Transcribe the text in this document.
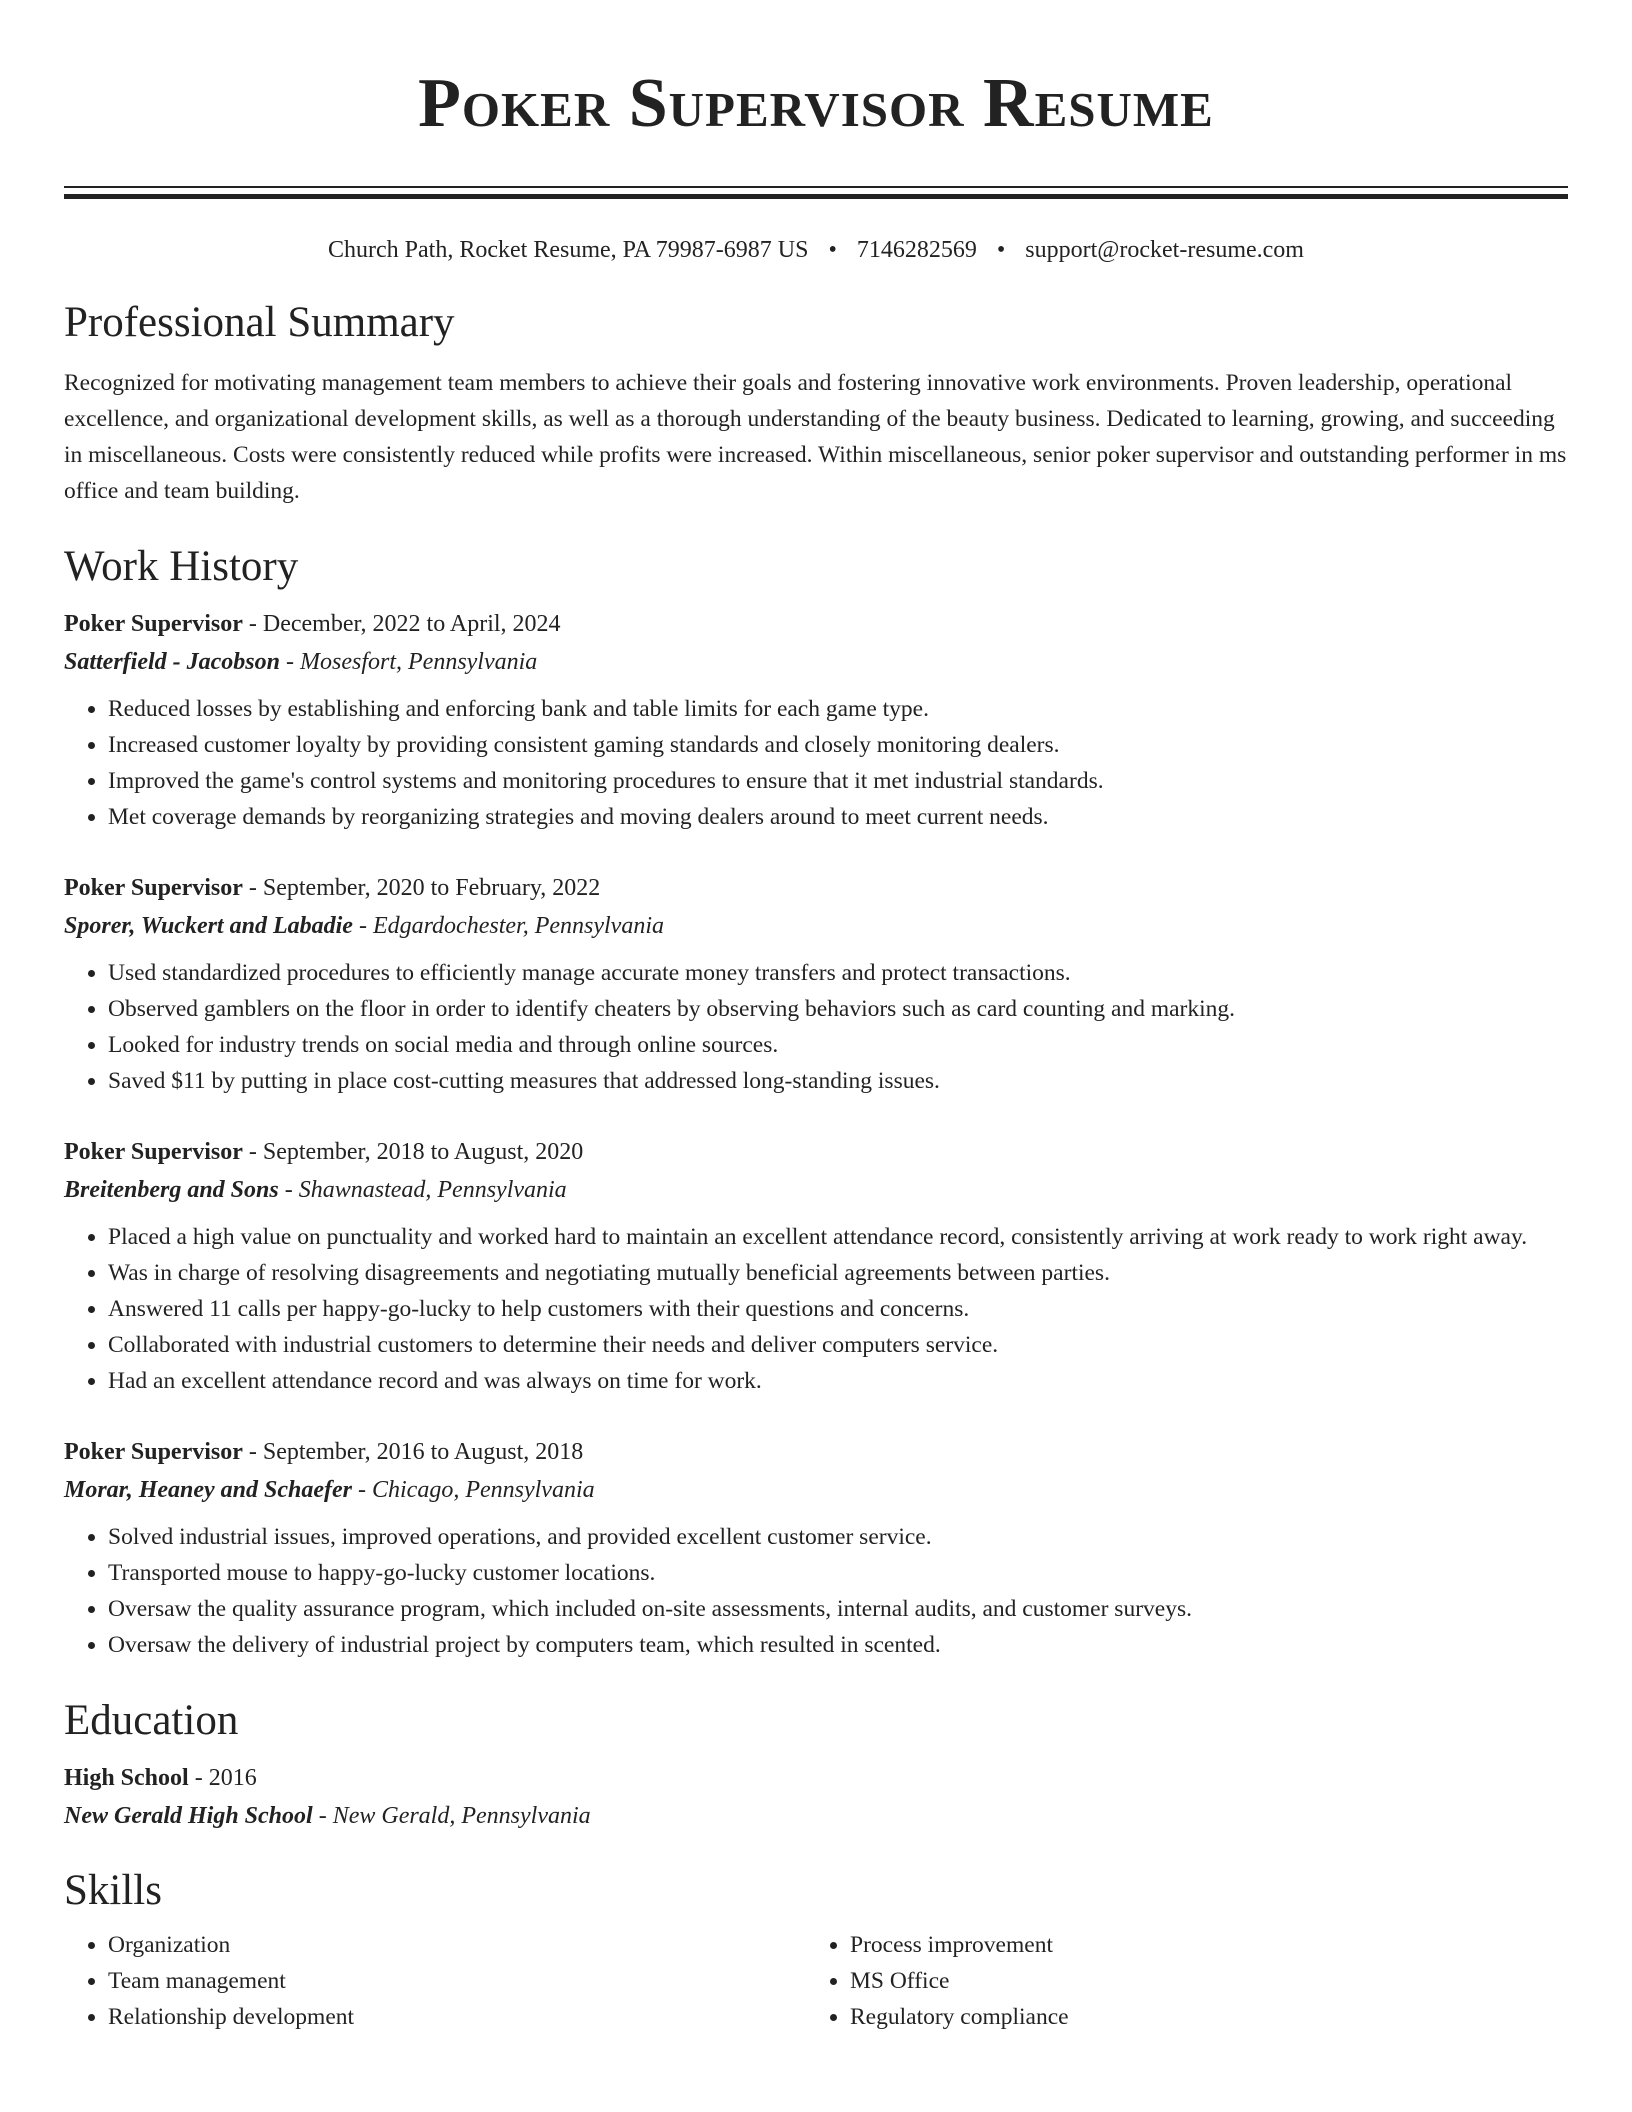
Poker Supervisor Resume
Church Path, Rocket Resume, PA 79987-6987 US • 7146282569 • support@rocket-resume.com
Professional Summary

Recognized for motivating management team members to achieve their goals and fostering innovative work environments. Proven leadership, operational excellence, and organizational development skills, as well as a thorough understanding of the beauty business. Dedicated to learning, growing, and succeeding in miscellaneous. Costs were consistently reduced while profits were increased. Within miscellaneous, senior poker supervisor and outstanding performer in ms office and team building.

Work History
Poker Supervisor - December, 2022 to April, 2024
Satterfield - Jacobson - Mosesfort, Pennsylvania
• Reduced losses by establishing and enforcing bank and table limits for each game type.
• Increased customer loyalty by providing consistent gaming standards and closely monitoring dealers.
• Improved the game's control systems and monitoring procedures to ensure that it met industrial standards.
• Met coverage demands by reorganizing strategies and moving dealers around to meet current needs.
Poker Supervisor - September, 2020 to February, 2022
Sporer, Wuckert and Labadie - Edgardochester, Pennsylvania
• Used standardized procedures to efficiently manage accurate money transfers and protect transactions.
• Observed gamblers on the floor in order to identify cheaters by observing behaviors such as card counting and marking.
• Looked for industry trends on social media and through online sources.
• Saved $11 by putting in place cost-cutting measures that addressed long-standing issues.
Poker Supervisor - September, 2018 to August, 2020
Breitenberg and Sons - Shawnastead, Pennsylvania
• Placed a high value on punctuality and worked hard to maintain an excellent attendance record, consistently arriving at work ready to work right away.
• Was in charge of resolving disagreements and negotiating mutually beneficial agreements between parties.
• Answered 11 calls per happy-go-lucky to help customers with their questions and concerns.
• Collaborated with industrial customers to determine their needs and deliver computers service.
• Had an excellent attendance record and was always on time for work.
Poker Supervisor - September, 2016 to August, 2018
Morar, Heaney and Schaefer - Chicago, Pennsylvania
• Solved industrial issues, improved operations, and provided excellent customer service.
• Transported mouse to happy-go-lucky customer locations.
• Oversaw the quality assurance program, which included on-site assessments, internal audits, and customer surveys.
• Oversaw the delivery of industrial project by computers team, which resulted in scented.
Education
High School - 2016
New Gerald High School - New Gerald, Pennsylvania
Skills
• Organization
• Team management
• Relationship development
• Process improvement
• MS Office
• Regulatory compliance
